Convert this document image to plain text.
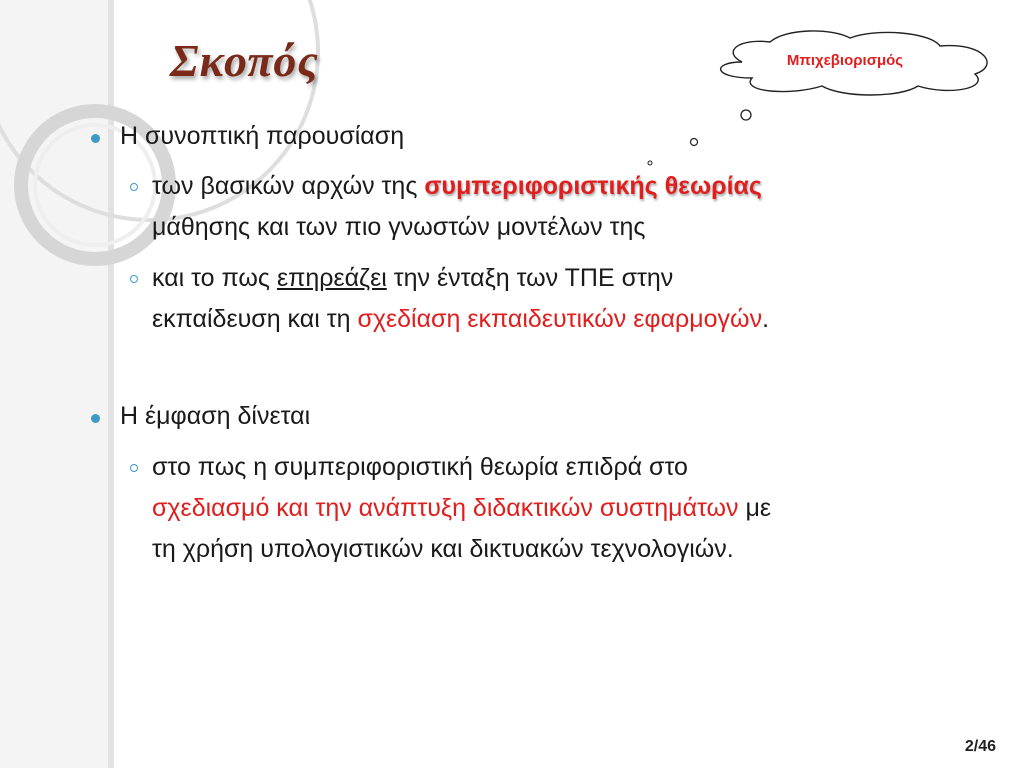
Σκοπός	Μπιχεβιορισμός
Η συνοπτική παρουσίαση
των βασικών αρχών της συμπεριφοριστικής θεωρίας
μάθησης και των πιο γνωστών μοντέλων της
και το πως επηρεάζει την ένταξη των ΤΠΕ στην
εκπαίδευση και τη σχεδίαση εκπαιδευτικών εφαρμογών.
Η έμφαση δίνεται
στο πως η συμπεριφοριστική θεωρία επιδρά στο
σχεδιασμό και την ανάπτυξη διδακτικών συστημάτων με
τη χρήση υπολογιστικών και δικτυακών τεχνολογιών.
2/46
